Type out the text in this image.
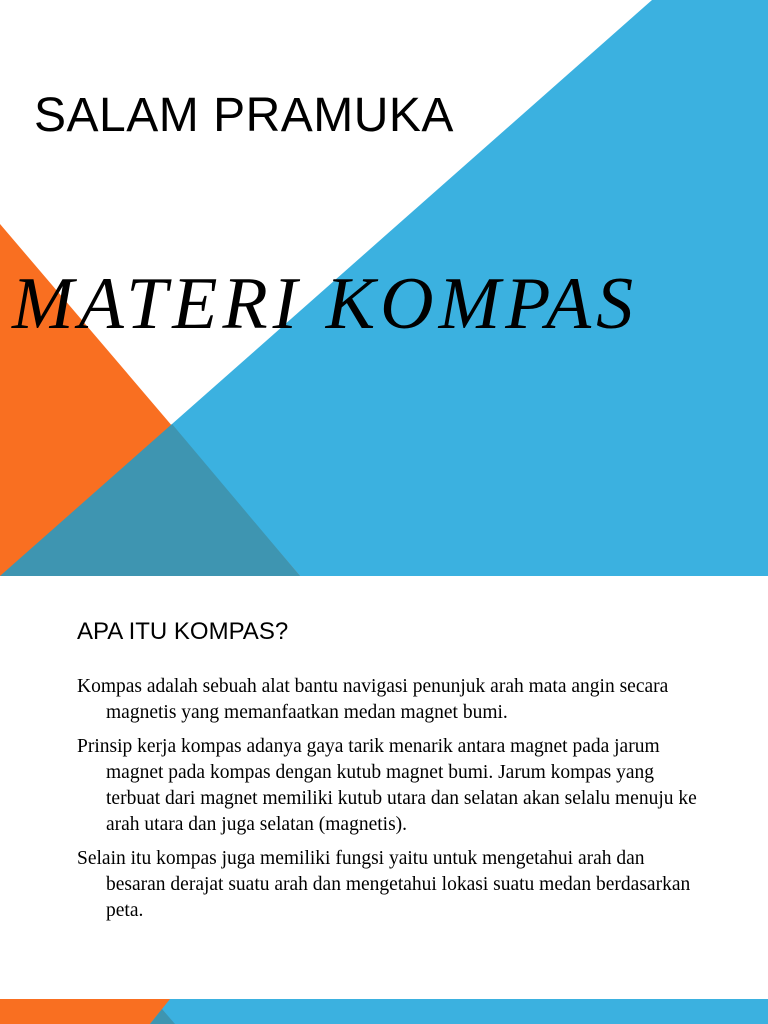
SALAM PRAMUKA
MATERI KOMPAS
APA ITU KOMPAS?

Kompas adalah sebuah alat bantu navigasi penunjuk arah mata angin secara magnetis yang memanfaatkan medan magnet bumi.

Prinsip kerja kompas adanya gaya tarik menarik antara magnet pada jarum magnet pada kompas dengan kutub magnet bumi. Jarum kompas yang terbuat dari magnet memiliki kutub utara dan selatan akan selalu menuju ke arah utara dan juga selatan (magnetis).

Selain itu kompas juga memiliki fungsi yaitu untuk mengetahui arah dan besaran derajat suatu arah dan mengetahui lokasi suatu medan berdasarkan peta.
